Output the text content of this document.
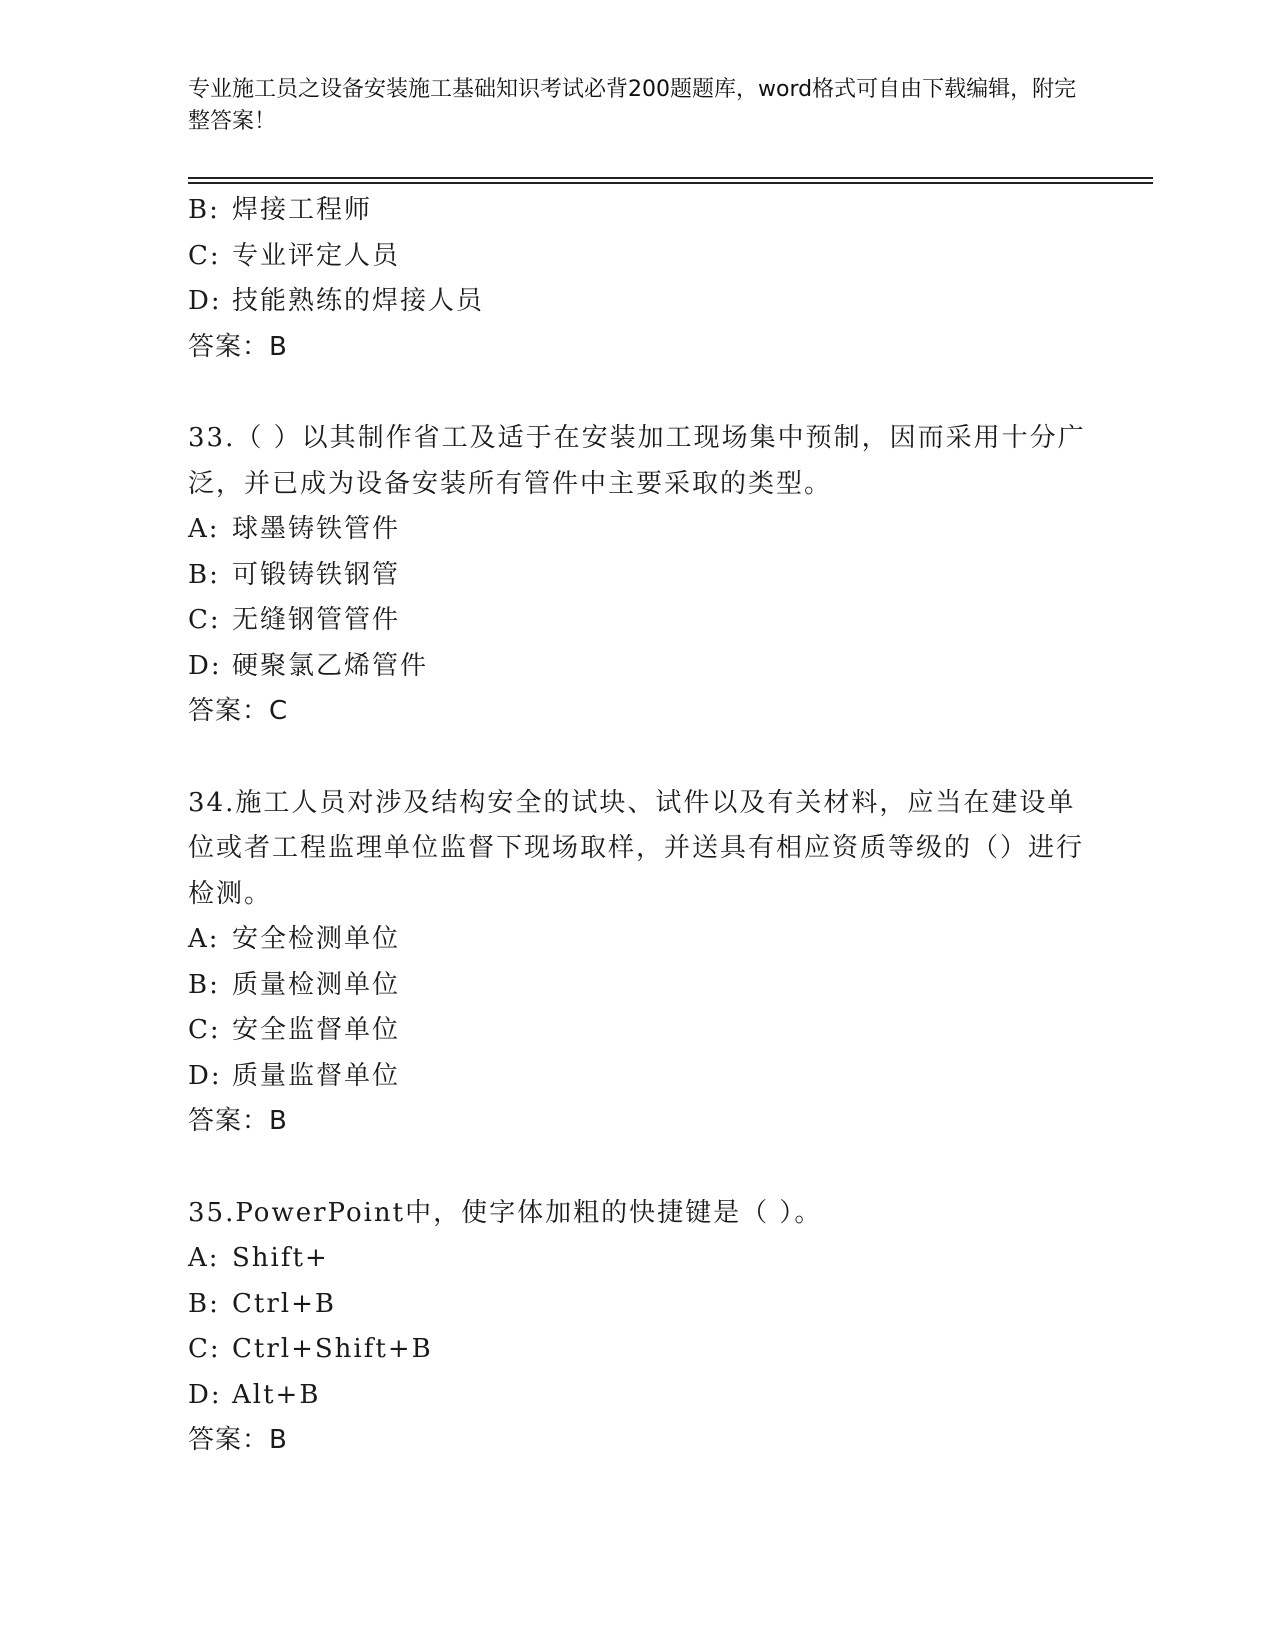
专业施工员之设备安装施工基础知识考试必背200题题库，word格式可自由下载编辑，附完整答案！
B: 焊接工程师
C: 专业评定人员
D: 技能熟练的焊接人员
答案：B
33.（ ）以其制作省工及适于在安装加工现场集中预制，因而采用十分广泛，并已成为设备安装所有管件中主要采取的类型。
A: 球墨铸铁管件
B: 可锻铸铁钢管
C: 无缝钢管管件
D: 硬聚氯乙烯管件
答案：C
34.施工人员对涉及结构安全的试块、试件以及有关材料，应当在建设单位或者工程监理单位监督下现场取样，并送具有相应资质等级的（）进行检测。
A: 安全检测单位
B: 质量检测单位
C: 安全监督单位
D: 质量监督单位
答案：B
35.PowerPoint中，使字体加粗的快捷键是（ ）。
A: Shift+
B: Ctrl+B
C: Ctrl+Shift+B
D: Alt+B
答案：B
